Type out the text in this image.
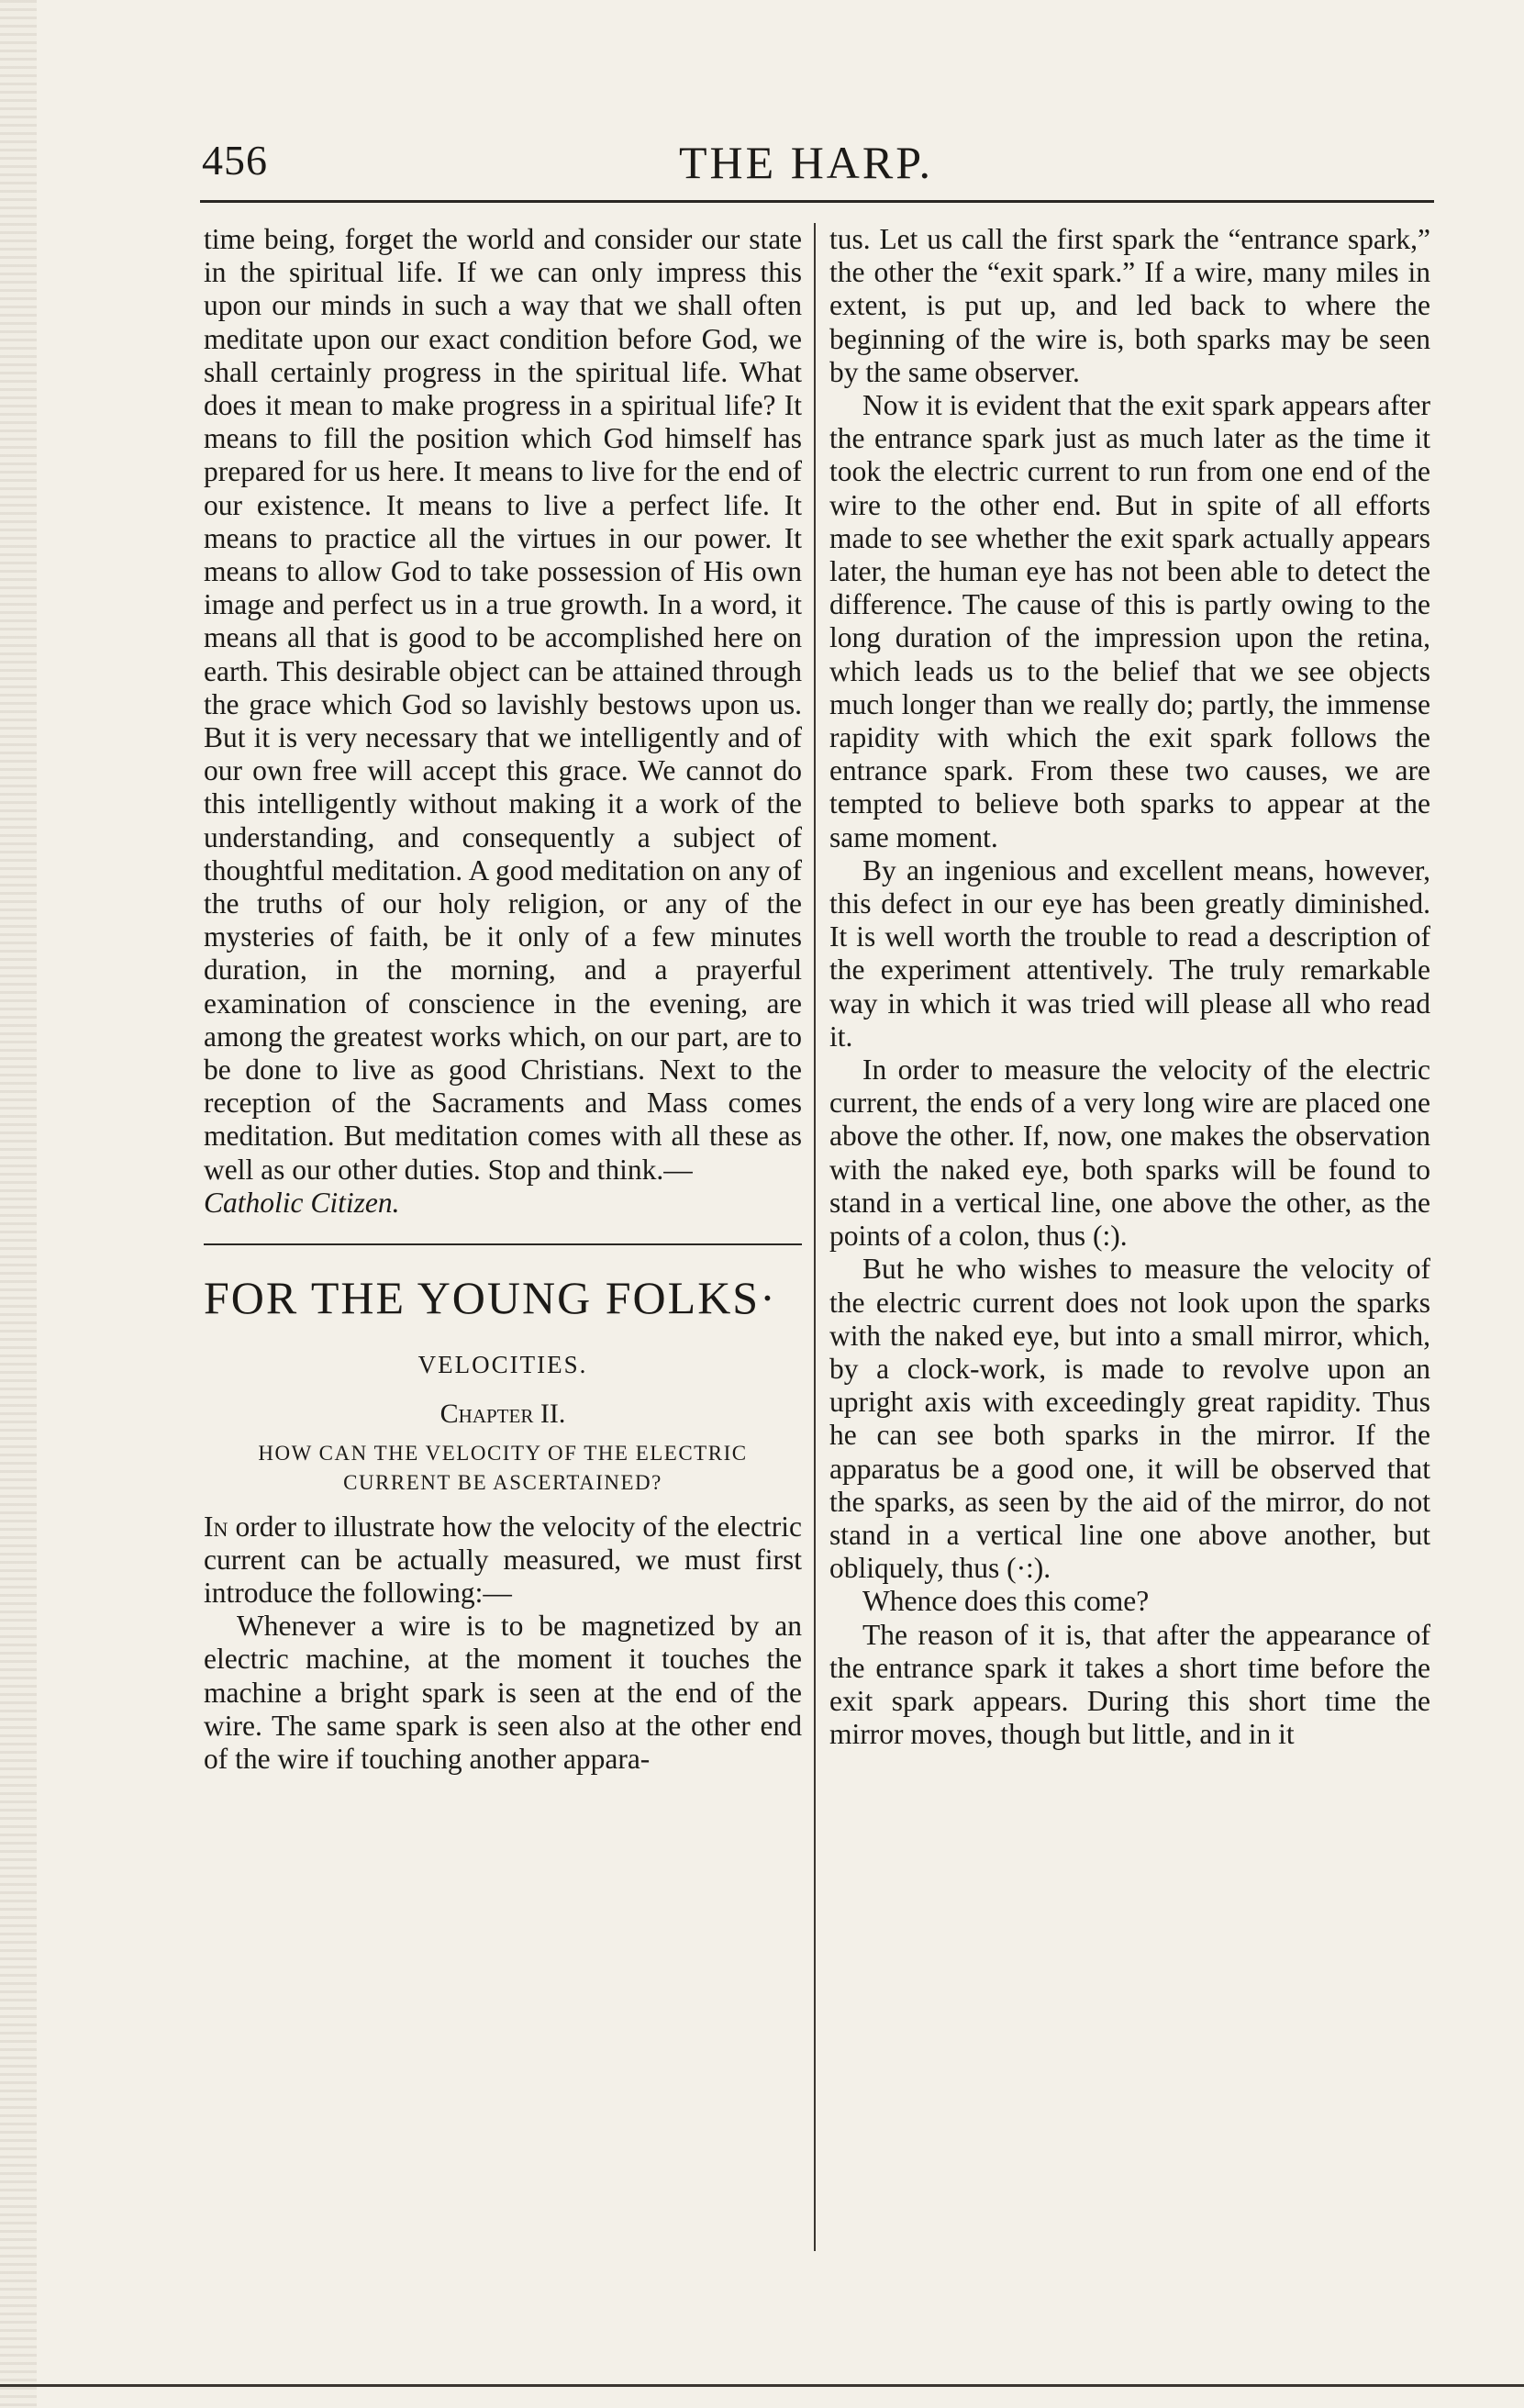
456	THE HARP.

time being, forget the world and consider our state in the spiritual life. If we can only impress this upon our minds in such a way that we shall often meditate upon our exact condition before God, we shall certainly progress in the spiritual life. What does it mean to make progress in a spiritual life? It means to fill the position which God himself has prepared for us here. It means to live for the end of our existence. It means to live a perfect life. It means to practice all the virtues in our power. It means to allow God to take possession of His own image and perfect us in a true growth. In a word, it means all that is good to be accomplished here on earth. This desirable object can be attained through the grace which God so lavishly bestows upon us. But it is very necessary that we intelligently and of our own free will accept this grace. We cannot do this intelligently without making it a work of the understanding, and consequently a subject of thoughtful meditation. A good meditation on any of the truths of our holy religion, or any of the mysteries of faith, be it only of a few minutes duration, in the morning, and a prayerful examination of conscience in the evening, are among the greatest works which, on our part, are to be done to live as good Christians. Next to the reception of the Sacraments and Mass comes meditation. But meditation comes with all these as well as our other duties. Stop and think.—

Catholic Citizen.

FOR THE YOUNG FOLKS·
VELOCITIES.
Chapter II.
HOW CAN THE VELOCITY OF THE ELECTRIC CURRENT BE ASCERTAINED?

In order to illustrate how the velocity of the electric current can be actually measured, we must first introduce the following:—

Whenever a wire is to be magnetized by an electric machine, at the moment it touches the machine a bright spark is seen at the end of the wire. The same spark is seen also at the other end of the wire if touching another appara-

tus. Let us call the first spark the “entrance spark,” the other the “exit spark.” If a wire, many miles in extent, is put up, and led back to where the beginning of the wire is, both sparks may be seen by the same observer.

Now it is evident that the exit spark appears after the entrance spark just as much later as the time it took the electric current to run from one end of the wire to the other end. But in spite of all efforts made to see whether the exit spark actually appears later, the human eye has not been able to detect the difference. The cause of this is partly owing to the long duration of the impression upon the retina, which leads us to the belief that we see objects much longer than we really do; partly, the immense rapidity with which the exit spark follows the entrance spark. From these two causes, we are tempted to believe both sparks to appear at the same moment.

By an ingenious and excellent means, however, this defect in our eye has been greatly diminished. It is well worth the trouble to read a description of the experiment attentively. The truly remarkable way in which it was tried will please all who read it.

In order to measure the velocity of the electric current, the ends of a very long wire are placed one above the other. If, now, one makes the observation with the naked eye, both sparks will be found to stand in a vertical line, one above the other, as the points of a colon, thus (:).

But he who wishes to measure the velocity of the electric current does not look upon the sparks with the naked eye, but into a small mirror, which, by a clock-work, is made to revolve upon an upright axis with exceedingly great rapidity. Thus he can see both sparks in the mirror. If the apparatus be a good one, it will be observed that the sparks, as seen by the aid of the mirror, do not stand in a vertical line one above another, but obliquely, thus (·:).

Whence does this come?

The reason of it is, that after the appearance of the entrance spark it takes a short time before the exit spark appears. During this short time the mirror moves, though but little, and in it
